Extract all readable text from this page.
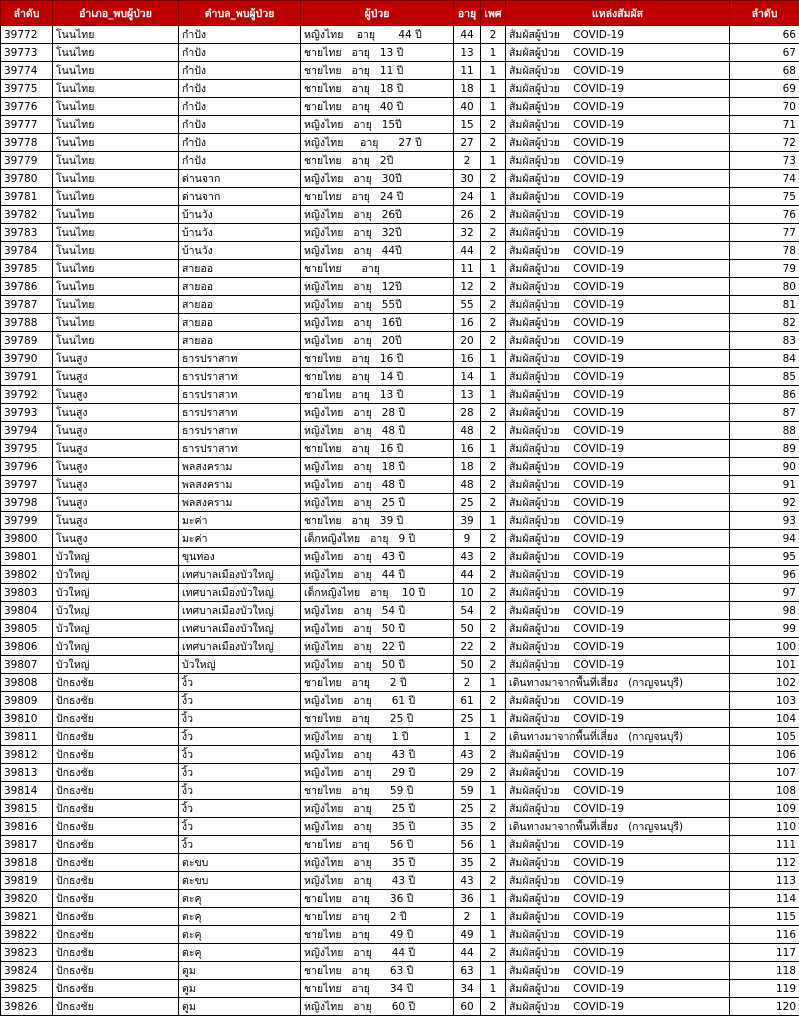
ลำดับ	อำเภอ_พบผู้ป่วย	ตำบล_พบผู้ป่วย	ผู้ป่วย	อายุ	เพศ	แหล่งสัมผัส	ลำดับ
39772	โนนไทย	กำปัง	หญิงไทย    อายุ       44 ปี	44	2	สัมผัสผู้ป่วย    COVID-19	66
39773	โนนไทย	กำปัง	ชายไทย   อายุ   13 ปี	13	1	สัมผัสผู้ป่วย    COVID-19	67
39774	โนนไทย	กำปัง	ชายไทย   อายุ   11 ปี	11	1	สัมผัสผู้ป่วย    COVID-19	68
39775	โนนไทย	กำปัง	ชายไทย   อายุ   18 ปี	18	1	สัมผัสผู้ป่วย    COVID-19	69
39776	โนนไทย	กำปัง	ชายไทย   อายุ   40 ปี	40	1	สัมผัสผู้ป่วย    COVID-19	70
39777	โนนไทย	กำปัง	หญิงไทย   อายุ   15ปี	15	2	สัมผัสผู้ป่วย    COVID-19	71
39778	โนนไทย	กำปัง	หญิงไทย     อายุ      27 ปี	27	2	สัมผัสผู้ป่วย    COVID-19	72
39779	โนนไทย	กำปัง	ชายไทย   อายุ   2ปี	2	1	สัมผัสผู้ป่วย    COVID-19	73
39780	โนนไทย	ด่านจาก	หญิงไทย   อายุ   30ปี	30	2	สัมผัสผู้ป่วย    COVID-19	74
39781	โนนไทย	ด่านจาก	ชายไทย   อายุ   24 ปี	24	1	สัมผัสผู้ป่วย    COVID-19	75
39782	โนนไทย	บ้านวัง	หญิงไทย   อายุ   26ปี	26	2	สัมผัสผู้ป่วย    COVID-19	76
39783	โนนไทย	บ้านวัง	หญิงไทย   อายุ   32ปี	32	2	สัมผัสผู้ป่วย    COVID-19	77
39784	โนนไทย	บ้านวัง	หญิงไทย   อายุ   44ปี	44	2	สัมผัสผู้ป่วย    COVID-19	78
39785	โนนไทย	สายออ	ชายไทย      อายุ	11	1	สัมผัสผู้ป่วย    COVID-19	79
39786	โนนไทย	สายออ	หญิงไทย   อายุ   12ปี	12	2	สัมผัสผู้ป่วย    COVID-19	80
39787	โนนไทย	สายออ	หญิงไทย   อายุ   55ปี	55	2	สัมผัสผู้ป่วย    COVID-19	81
39788	โนนไทย	สายออ	หญิงไทย   อายุ   16ปี	16	2	สัมผัสผู้ป่วย    COVID-19	82
39789	โนนไทย	สายออ	หญิงไทย   อายุ   20ปี	20	2	สัมผัสผู้ป่วย    COVID-19	83
39790	โนนสูง	ธารปราสาท	ชายไทย   อายุ   16 ปี	16	1	สัมผัสผู้ป่วย    COVID-19	84
39791	โนนสูง	ธารปราสาท	ชายไทย   อายุ   14 ปี	14	1	สัมผัสผู้ป่วย    COVID-19	85
39792	โนนสูง	ธารปราสาท	ชายไทย   อายุ   13 ปี	13	1	สัมผัสผู้ป่วย    COVID-19	86
39793	โนนสูง	ธารปราสาท	หญิงไทย   อายุ   28 ปี	28	2	สัมผัสผู้ป่วย    COVID-19	87
39794	โนนสูง	ธารปราสาท	หญิงไทย   อายุ   48 ปี	48	2	สัมผัสผู้ป่วย    COVID-19	88
39795	โนนสูง	ธารปราสาท	ชายไทย   อายุ   16 ปี	16	1	สัมผัสผู้ป่วย    COVID-19	89
39796	โนนสูง	พลสงคราม	หญิงไทย   อายุ   18 ปี	18	2	สัมผัสผู้ป่วย    COVID-19	90
39797	โนนสูง	พลสงคราม	หญิงไทย   อายุ   48 ปี	48	2	สัมผัสผู้ป่วย    COVID-19	91
39798	โนนสูง	พลสงคราม	หญิงไทย   อายุ   25 ปี	25	2	สัมผัสผู้ป่วย    COVID-19	92
39799	โนนสูง	มะค่า	ชายไทย   อายุ   39 ปี	39	1	สัมผัสผู้ป่วย    COVID-19	93
39800	โนนสูง	มะค่า	เด็กหญิงไทย   อายุ   9 ปี	9	2	สัมผัสผู้ป่วย    COVID-19	94
39801	บัวใหญ่	ขุนทอง	หญิงไทย   อายุ   43 ปี	43	2	สัมผัสผู้ป่วย    COVID-19	95
39802	บัวใหญ่	เทศบาลเมืองบัวใหญ่	หญิงไทย   อายุ   44 ปี	44	2	สัมผัสผู้ป่วย    COVID-19	96
39803	บัวใหญ่	เทศบาลเมืองบัวใหญ่	เด็กหญิงไทย   อายุ    10 ปี	10	2	สัมผัสผู้ป่วย    COVID-19	97
39804	บัวใหญ่	เทศบาลเมืองบัวใหญ่	หญิงไทย   อายุ   54 ปี	54	2	สัมผัสผู้ป่วย    COVID-19	98
39805	บัวใหญ่	เทศบาลเมืองบัวใหญ่	หญิงไทย   อายุ   50 ปี	50	2	สัมผัสผู้ป่วย    COVID-19	99
39806	บัวใหญ่	เทศบาลเมืองบัวใหญ่	หญิงไทย   อายุ   22 ปี	22	2	สัมผัสผู้ป่วย    COVID-19	100
39807	บัวใหญ่	บัวใหญ่	หญิงไทย   อายุ   50 ปี	50	2	สัมผัสผู้ป่วย    COVID-19	101
39808	ปักธงชัย	งิ้ว	ชายไทย   อายุ      2 ปี	2	1	เดินทางมาจากพื้นที่เสี่ยง   (กาญจนบุรี)	102
39809	ปักธงชัย	งิ้ว	หญิงไทย   อายุ      61 ปี	61	2	สัมผัสผู้ป่วย    COVID-19	103
39810	ปักธงชัย	งิ้ว	ชายไทย   อายุ      25 ปี	25	1	สัมผัสผู้ป่วย    COVID-19	104
39811	ปักธงชัย	งิ้ว	หญิงไทย   อายุ      1 ปี	1	2	เดินทางมาจากพื้นที่เสี่ยง   (กาญจนบุรี)	105
39812	ปักธงชัย	งิ้ว	หญิงไทย   อายุ      43 ปี	43	2	สัมผัสผู้ป่วย    COVID-19	106
39813	ปักธงชัย	งิ้ว	หญิงไทย   อายุ      29 ปี	29	2	สัมผัสผู้ป่วย    COVID-19	107
39814	ปักธงชัย	งิ้ว	ชายไทย   อายุ      59 ปี	59	1	สัมผัสผู้ป่วย    COVID-19	108
39815	ปักธงชัย	งิ้ว	หญิงไทย   อายุ      25 ปี	25	2	สัมผัสผู้ป่วย    COVID-19	109
39816	ปักธงชัย	งิ้ว	หญิงไทย   อายุ      35 ปี	35	2	เดินทางมาจากพื้นที่เสี่ยง   (กาญจนบุรี)	110
39817	ปักธงชัย	งิ้ว	ชายไทย   อายุ      56 ปี	56	1	สัมผัสผู้ป่วย    COVID-19	111
39818	ปักธงชัย	ตะขบ	หญิงไทย   อายุ      35 ปี	35	2	สัมผัสผู้ป่วย    COVID-19	112
39819	ปักธงชัย	ตะขบ	หญิงไทย   อายุ      43 ปี	43	2	สัมผัสผู้ป่วย    COVID-19	113
39820	ปักธงชัย	ตะคุ	ชายไทย   อายุ      36 ปี	36	1	สัมผัสผู้ป่วย    COVID-19	114
39821	ปักธงชัย	ตะคุ	ชายไทย   อายุ      2 ปี	2	1	สัมผัสผู้ป่วย    COVID-19	115
39822	ปักธงชัย	ตะคุ	ชายไทย   อายุ      49 ปี	49	1	สัมผัสผู้ป่วย    COVID-19	116
39823	ปักธงชัย	ตะคุ	หญิงไทย   อายุ      44 ปี	44	2	สัมผัสผู้ป่วย    COVID-19	117
39824	ปักธงชัย	ตูม	ชายไทย   อายุ      63 ปี	63	1	สัมผัสผู้ป่วย    COVID-19	118
39825	ปักธงชัย	ตูม	ชายไทย   อายุ      34 ปี	34	1	สัมผัสผู้ป่วย    COVID-19	119
39826	ปักธงชัย	ตูม	หญิงไทย   อายุ      60 ปี	60	2	สัมผัสผู้ป่วย    COVID-19	120
